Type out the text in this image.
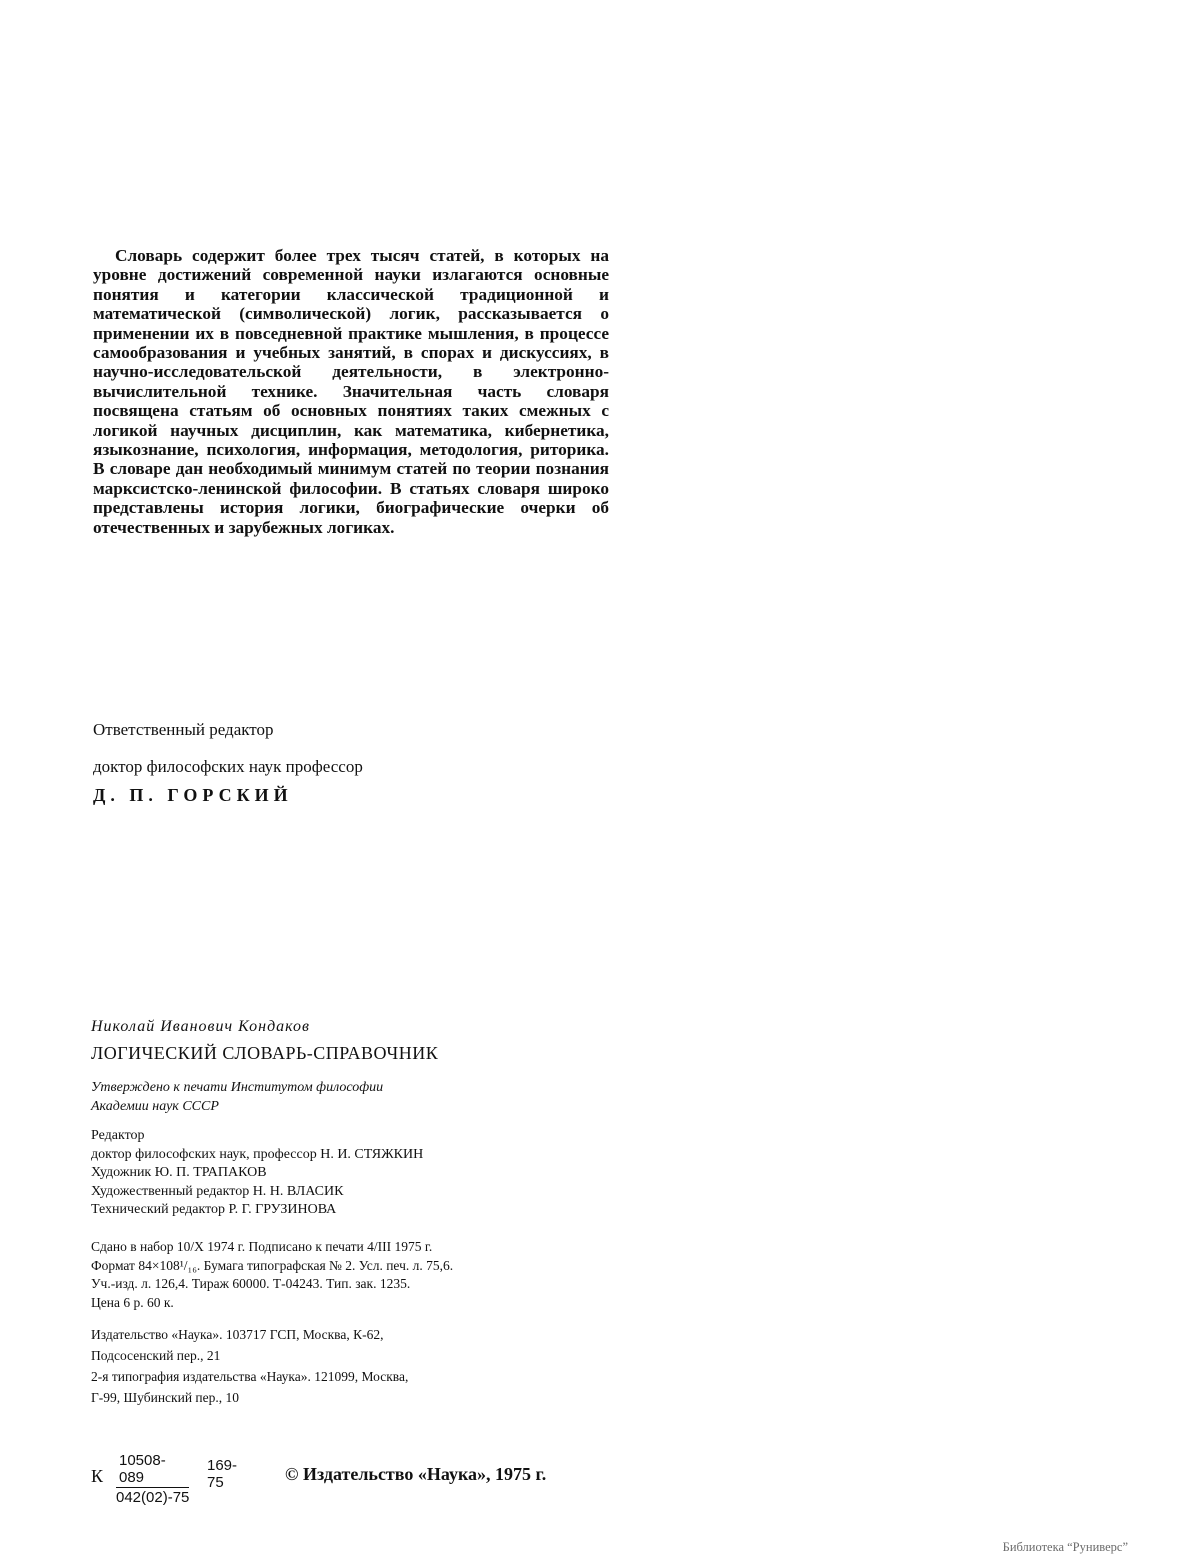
Словарь содержит более трех тысяч статей, в которых на уровне достижений современной науки излагаются основные понятия и категории классической традиционной и математической (символической) логик, рассказывается о применении их в повседневной практике мышления, в процессе самообразования и учебных занятий, в спорах и дискуссиях, в научно-исследовательской деятельности, в электронно-вычислительной технике. Значительная часть словаря посвящена статьям об основных понятиях таких смежных с логикой научных дисциплин, как математика, кибернетика, языкознание, психология, информация, методология, риторика. В словаре дан необходимый минимум статей по теории познания марксистско-ленинской философии. В статьях словаря широко представлены история логики, биографические очерки об отечественных и зарубежных логиках.

Ответственный редактор
доктор философских наук профессор
Д. П. ГОРСКИЙ
Николай Иванович Кондаков
ЛОГИЧЕСКИЙ СЛОВАРЬ-СПРАВОЧНИК
Утверждено к печати Институтом философии
Академии наук СССР
Редактор
доктор философских наук, профессор Н. И. СТЯЖКИН
Художник Ю. П. ТРАПАКОВ
Художественный редактор Н. Н. ВЛАСИК
Технический редактор Р. Г. ГРУЗИНОВА
Сдано в набор 10/Х 1974 г. Подписано к печати 4/III 1975 г.
Формат 84×108¹/₁₆. Бумага типографская № 2. Усл. печ. л. 75,6.
Уч.-изд. л. 126,4. Тираж 60000. Т-04243. Тип. зак. 1235.
Цена 6 р. 60 к.
Издательство «Наука». 103717 ГСП, Москва, К-62,
Подсосенский пер., 21
2-я типография издательства «Наука». 121099, Москва,
Г-99, Шубинский пер., 10
К $\frac{10508-089}{042(02)-75} 169-75$	© Издательство «Наука», 1975 г.
Библиотека “Руниверс”
